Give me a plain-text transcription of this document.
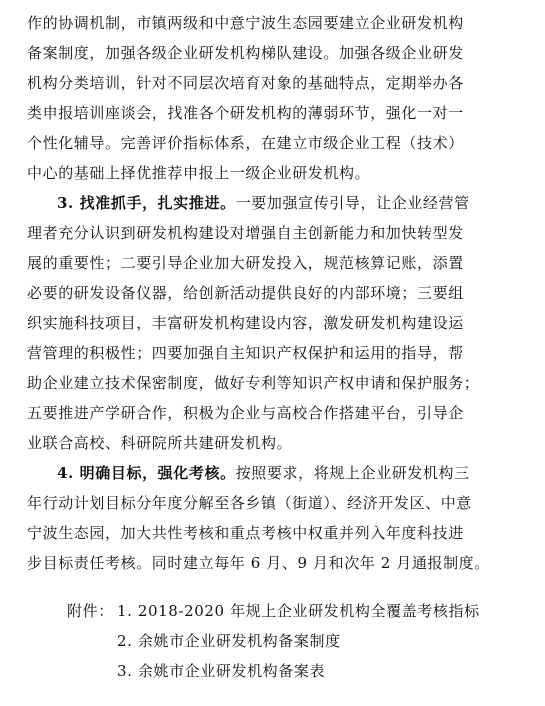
作的协调机制，市镇两级和中意宁波生态园要建立企业研发机构
备案制度，加强各级企业研发机构梯队建设。加强各级企业研发
机构分类培训，针对不同层次培育对象的基础特点，定期举办各
类申报培训座谈会，找准各个研发机构的薄弱环节，强化一对一
个性化辅导。完善评价指标体系，在建立市级企业工程（技术）
中心的基础上择优推荐申报上一级企业研发机构。
3. 找准抓手，扎实推进。一要加强宣传引导，让企业经营管
理者充分认识到研发机构建设对增强自主创新能力和加快转型发
展的重要性；二要引导企业加大研发投入，规范核算记账，添置
必要的研发设备仪器，给创新活动提供良好的内部环境；三要组
织实施科技项目，丰富研发机构建设内容，激发研发机构建设运
营管理的积极性；四要加强自主知识产权保护和运用的指导，帮
助企业建立技术保密制度，做好专利等知识产权申请和保护服务；
五要推进产学研合作，积极为企业与高校合作搭建平台，引导企
业联合高校、科研院所共建研发机构。
4. 明确目标，强化考核。按照要求，将规上企业研发机构三
年行动计划目标分年度分解至各乡镇（街道）、经济开发区、中意
宁波生态园，加大共性考核和重点考核中权重并列入年度科技进
步目标责任考核。同时建立每年 6 月、9 月和次年 2 月通报制度。
附件： 1. 2018-2020 年规上企业研发机构全覆盖考核指标
2. 余姚市企业研发机构备案制度
3. 余姚市企业研发机构备案表
